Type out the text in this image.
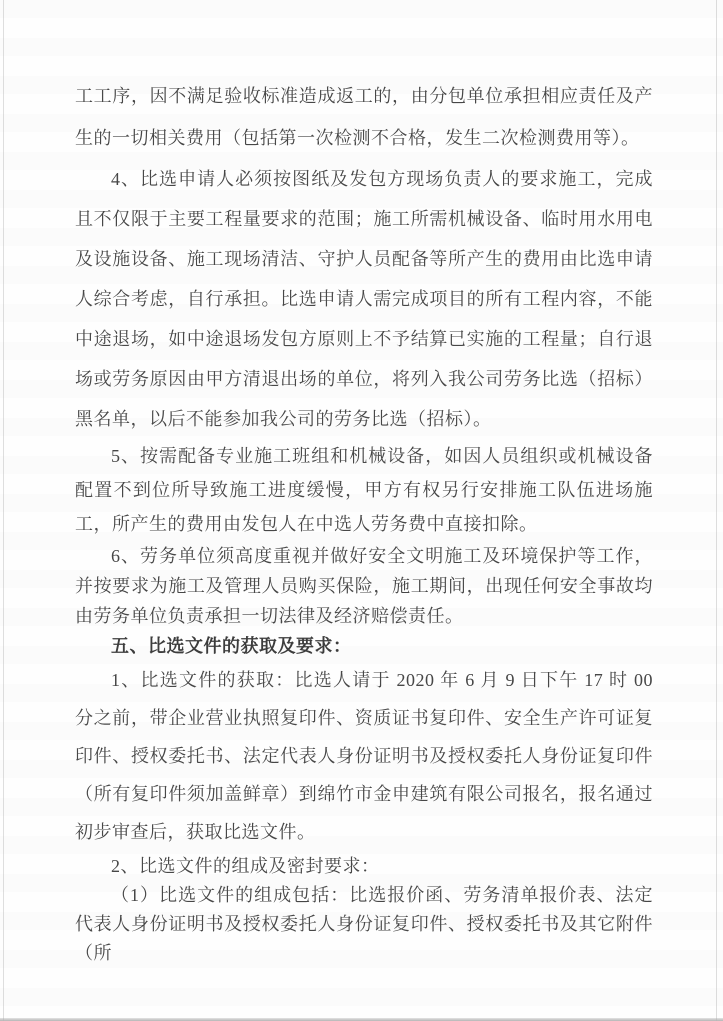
工工序，因不满足验收标准造成返工的，由分包单位承担相应责任及产生的一切相关费用（包括第一次检测不合格，发生二次检测费用等）。

4、比选申请人必须按图纸及发包方现场负责人的要求施工，完成且不仅限于主要工程量要求的范围；施工所需机械设备、临时用水用电及设施设备、施工现场清洁、守护人员配备等所产生的费用由比选申请人综合考虑，自行承担。比选申请人需完成项目的所有工程内容，不能中途退场，如中途退场发包方原则上不予结算已实施的工程量；自行退场或劳务原因由甲方清退出场的单位，将列入我公司劳务比选（招标）黑名单，以后不能参加我公司的劳务比选（招标）。

5、按需配备专业施工班组和机械设备，如因人员组织或机械设备配置不到位所导致施工进度缓慢，甲方有权另行安排施工队伍进场施工，所产生的费用由发包人在中选人劳务费中直接扣除。

6、劳务单位须高度重视并做好安全文明施工及环境保护等工作，并按要求为施工及管理人员购买保险，施工期间，出现任何安全事故均由劳务单位负责承担一切法律及经济赔偿责任。

五、比选文件的获取及要求：

1、比选文件的获取：比选人请于 2020 年 6 月 9 日下午 17 时 00 分之前，带企业营业执照复印件、资质证书复印件、安全生产许可证复印件、授权委托书、法定代表人身份证明书及授权委托人身份证复印件（所有复印件须加盖鲜章）到绵竹市金申建筑有限公司报名，报名通过初步审查后，获取比选文件。

2、比选文件的组成及密封要求：

（1）比选文件的组成包括：比选报价函、劳务清单报价表、法定代表人身份证明书及授权委托人身份证复印件、授权委托书及其它附件（所
